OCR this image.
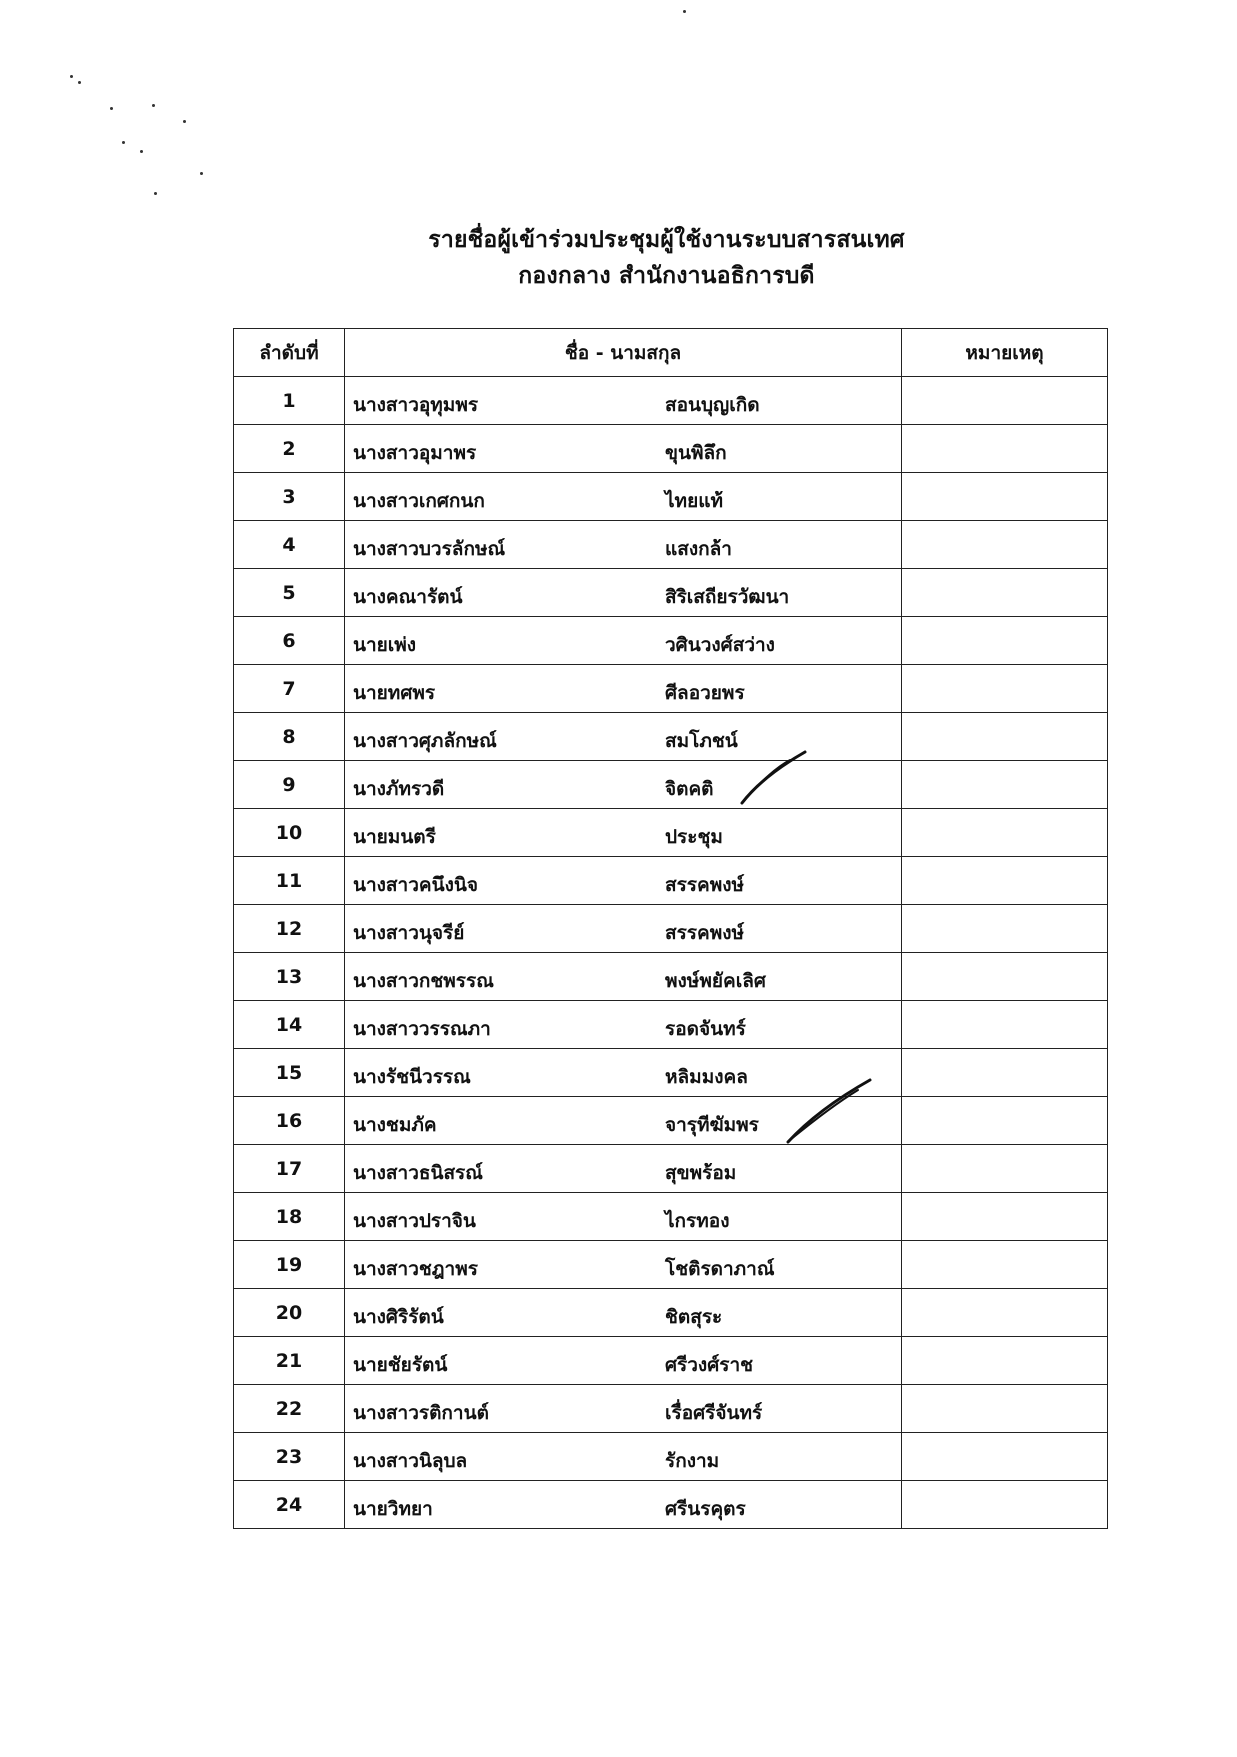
รายชื่อผู้เข้าร่วมประชุมผู้ใช้งานระบบสารสนเทศ
กองกลาง สำนักงานอธิการบดี
ลำดับที่	ชื่อ - นามสกุล	หมายเหตุ
1	นางสาวอุทุมพร สอนบุญเกิด	

2	นางสาวอุมาพร ขุนพิลึก	

3	นางสาวเกศกนก ไทยแท้	

4	นางสาวบวรลักษณ์ แสงกล้า	

5	นางคณารัตน์ สิริเสถียรวัฒนา	

6	นายเพ่ง วศินวงศ์สว่าง	

7	นายทศพร ศีลอวยพร	

8	นางสาวศุภลักษณ์ สมโภชน์	

9	นางภัทรวดี จิตคติ	

10	นายมนตรี ประชุม	

11	นางสาวคนึงนิจ สรรคพงษ์	

12	นางสาวนุจรีย์ สรรคพงษ์	

13	นางสาวกชพรรณ พงษ์พยัคเลิศ	

14	นางสาววรรณภา รอดจันทร์	

15	นางรัชนีวรรณ หลิมมงคล	

16	นางชมภัค จารุทีฆัมพร	

17	นางสาวธนิสรณ์ สุขพร้อม	

18	นางสาวปราจิน ไกรทอง	

19	นางสาวชฎาพร โชติรดาภาณ์	

20	นางศิริรัตน์ ชิตสุระ	

21	นายชัยรัตน์ ศรีวงศ์ราช	

22	นางสาวรติกานต์ เรื่อศรีจันทร์	

23	นางสาวนิลุบล รักงาม	

24	นายวิทยา ศรีนรคุตร	
